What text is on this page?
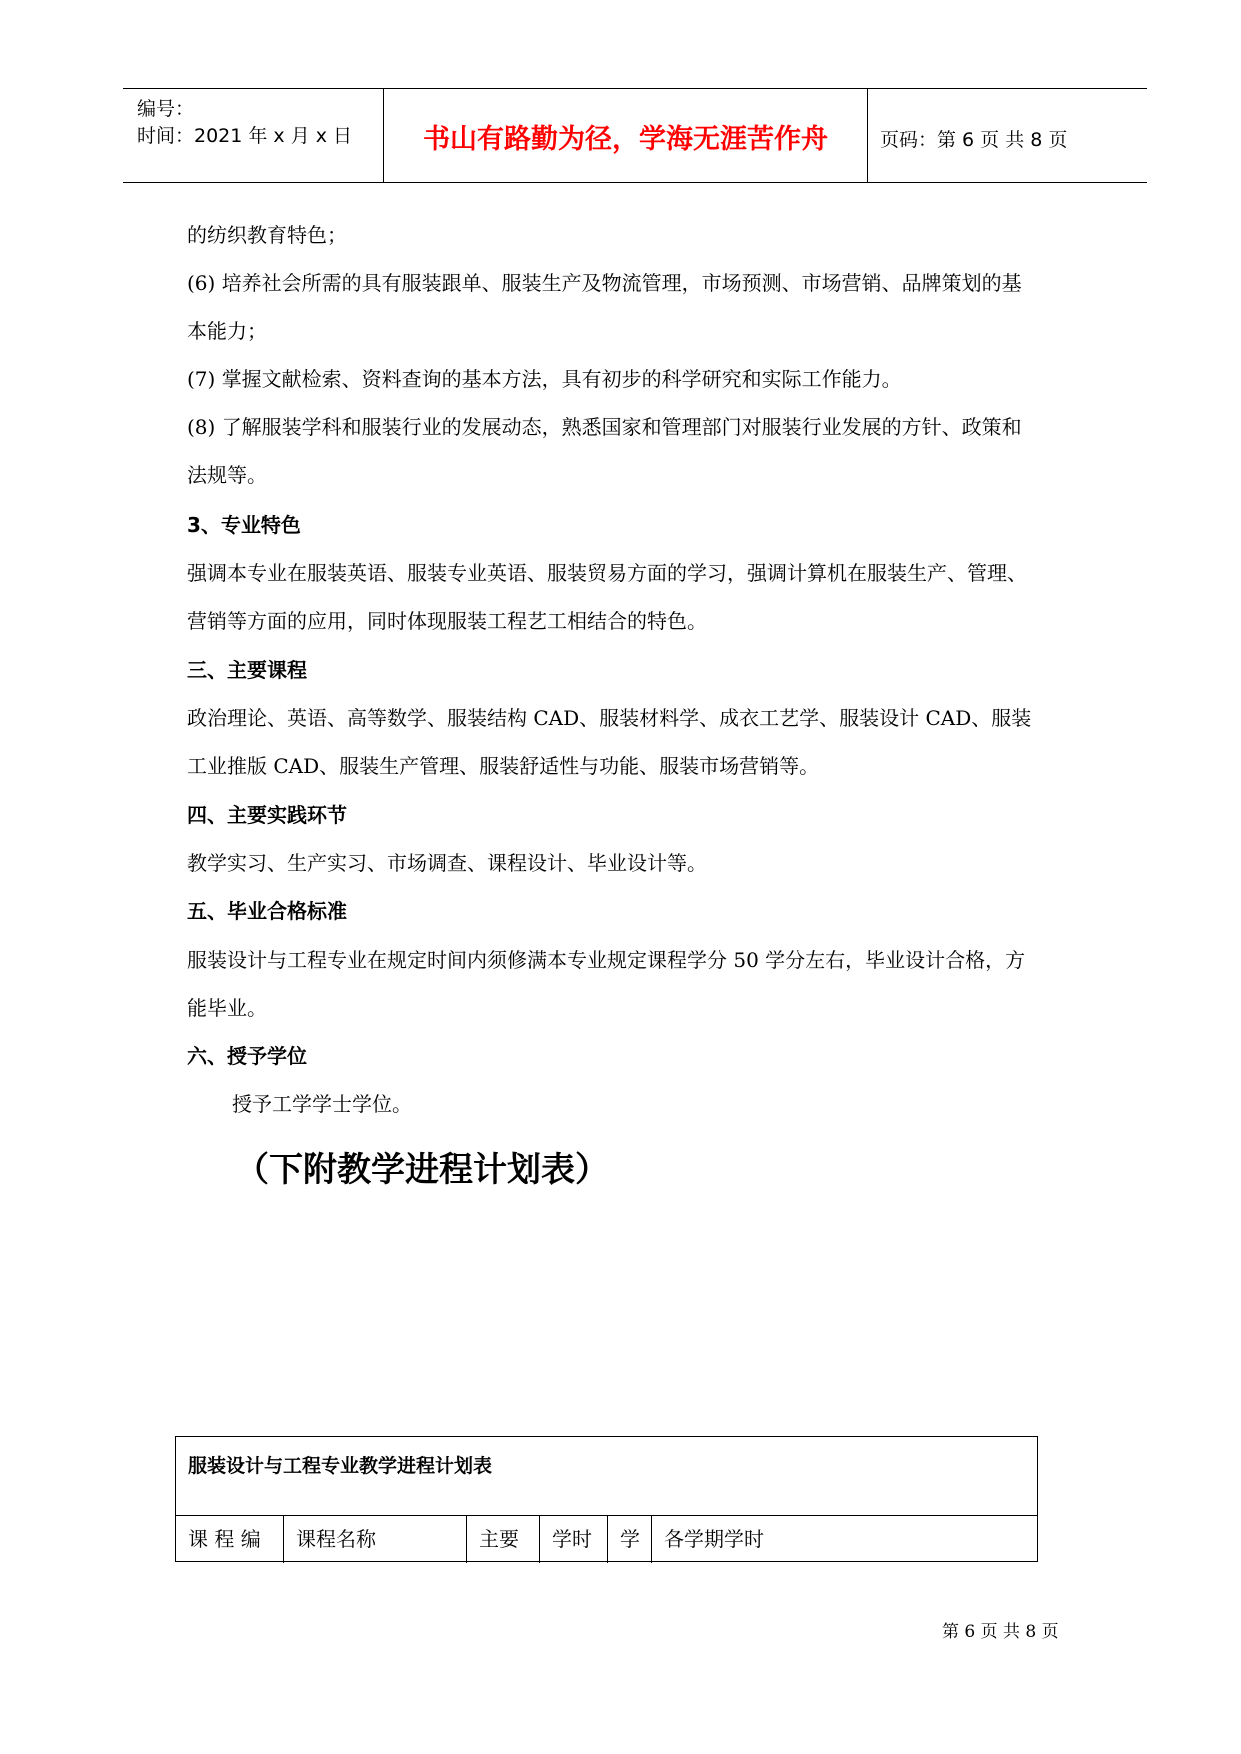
编号：
时间：2021 年 x 月 x 日	书山有路勤为径，学海无涯苦作舟	页码：第 6 页 共 8 页
的纺织教育特色；
(6) 培养社会所需的具有服装跟单、服装生产及物流管理，市场预测、市场营销、品牌策划的基
本能力；
(7) 掌握文献检索、资料查询的基本方法，具有初步的科学研究和实际工作能力。
(8) 了解服装学科和服装行业的发展动态，熟悉国家和管理部门对服装行业发展的方针、政策和
法规等。
3、专业特色
强调本专业在服装英语、服装专业英语、服装贸易方面的学习，强调计算机在服装生产、管理、
营销等方面的应用，同时体现服装工程艺工相结合的特色。
三、主要课程
政治理论、英语、高等数学、服装结构 CAD、服装材料学、成衣工艺学、服装设计 CAD、服装
工业推版 CAD、服装生产管理、服装舒适性与功能、服装市场营销等。
四、主要实践环节
教学实习、生产实习、市场调查、课程设计、毕业设计等。
五、毕业合格标准
服装设计与工程专业在规定时间内须修满本专业规定课程学分 50 学分左右，毕业设计合格，方
能毕业。
六、授予学位
授予工学学士学位。
（下附教学进程计划表）
服装设计与工程专业教学进程计划表
课 程 编	课程名称	主要	学时	学	各学期学时
第 6 页 共 8 页
